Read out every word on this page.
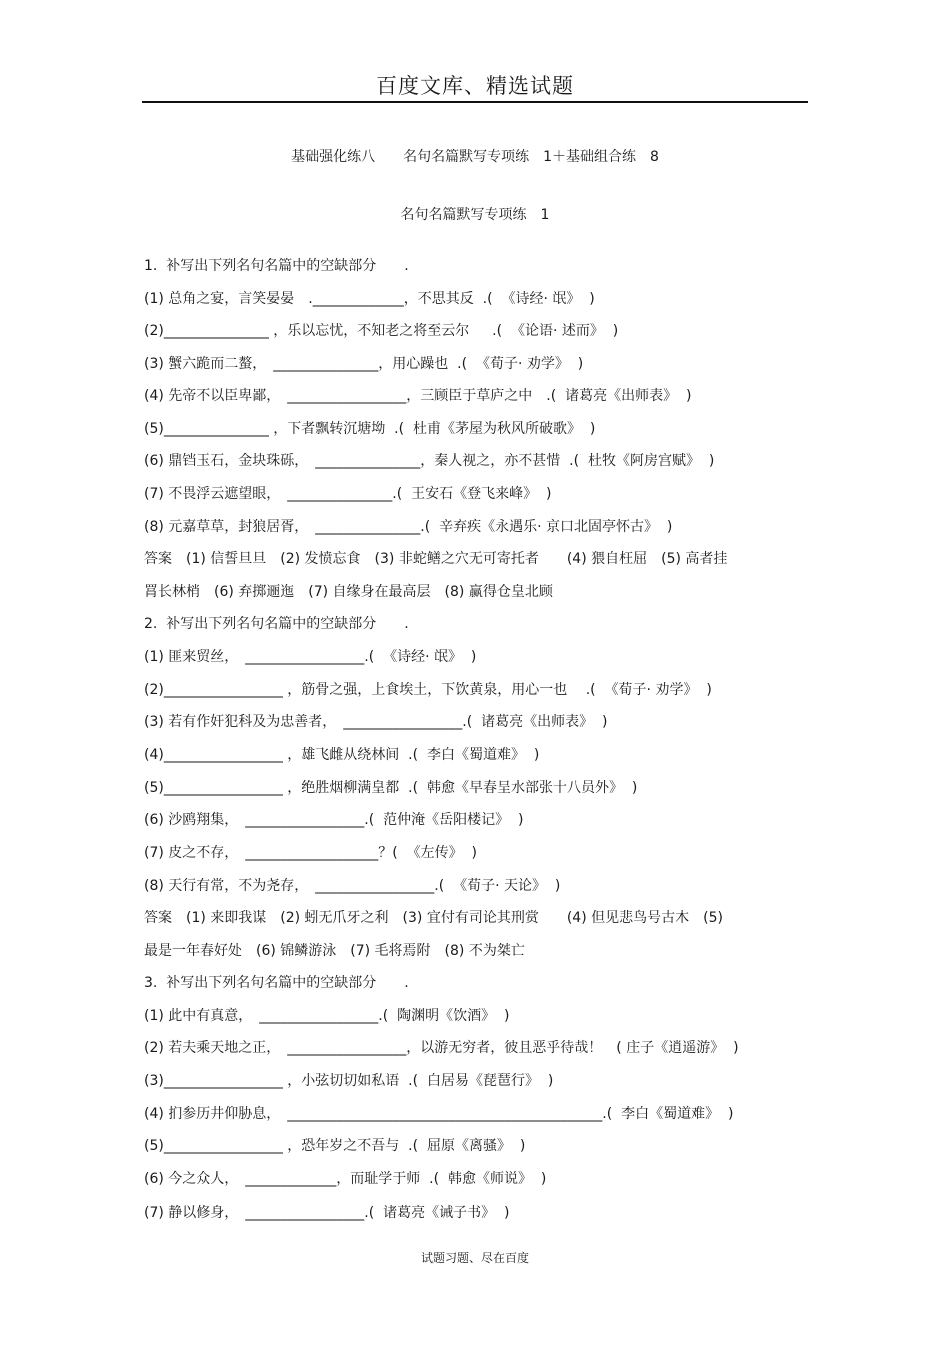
百度文库、精选试题
基础强化练八　　名句名篇默写专项练　1＋基础组合练　8
名句名篇默写专项练　1
1.  补写出下列名句名篇中的空缺部分　　.
(1) 总角之宴，言笑晏晏　._____________，不思其反  .(  《诗经· 氓》  )
(2)_______________ ，乐以忘忧，不知老之将至云尔　  .(  《论语· 述而》  )
(3) 蟹六跪而二螯，　_______________，用心躁也  .(  《荀子· 劝学》  )
(4) 先帝不以臣卑鄙，　_________________，三顾臣于草庐之中　.(  诸葛亮《出师表》  )
(5)_______________ ，下者飘转沉塘坳  .(  杜甫《茅屋为秋风所破歌》  )
(6) 鼎铛玉石，金块珠砾，　_______________，秦人视之，亦不甚惜  .(  杜牧《阿房宫赋》  )
(7) 不畏浮云遮望眼，　_______________.(  王安石《登飞来峰》  )
(8) 元嘉草草，封狼居胥，　_______________.(  辛弃疾《永遇乐· 京口北固亭怀古》  )
答案　(1) 信誓旦旦　(2) 发愤忘食　(3) 非蛇鳝之穴无可寄托者　　(4) 猥自枉屈　(5) 高者挂
罥长林梢　(6) 弃掷逦迤　(7) 自缘身在最高层　(8) 赢得仓皇北顾
2.  补写出下列名句名篇中的空缺部分　　.
(1) 匪来贸丝，　_________________.(  《诗经· 氓》  )
(2)_________________ ，筋骨之强，上食埃土，下饮黄泉，用心一也　 .(  《荀子· 劝学》  )
(3) 若有作奸犯科及为忠善者，　_________________.(  诸葛亮《出师表》  )
(4)_________________ ，雄飞雌从绕林间  .(  李白《蜀道难》  )
(5)_________________ ，绝胜烟柳满皇都  .(  韩愈《早春呈水部张十八员外》  )
(6) 沙鸥翔集，　_________________.(  范仲淹《岳阳楼记》  )
(7) 皮之不存，　___________________？(  《左传》  )
(8) 天行有常，不为尧存，　_________________.(  《荀子· 天论》  )
答案　(1) 来即我谋　(2) 蚓无爪牙之利　(3) 宜付有司论其刑赏　　(4) 但见悲鸟号古木　(5)
最是一年春好处　(6) 锦鳞游泳　(7) 毛将焉附　(8) 不为桀亡
3.  补写出下列名句名篇中的空缺部分　　.
(1) 此中有真意，　_________________.(  陶渊明《饮酒》  )
(2) 若夫乘天地之正，　_________________，以游无穷者，彼且恶乎待哉！　( 庄子《逍遥游》  )
(3)_________________ ，小弦切切如私语  .(  白居易《琵琶行》  )
(4) 扪参历井仰胁息，　_____________________________________________.(  李白《蜀道难》  )
(5)_________________ ，恐年岁之不吾与  .(  屈原《离骚》  )
(6) 今之众人，　_____________，而耻学于师  .(  韩愈《师说》  )
(7) 静以修身，　_________________.(  诸葛亮《诫子书》  )
试题习题、尽在百度
